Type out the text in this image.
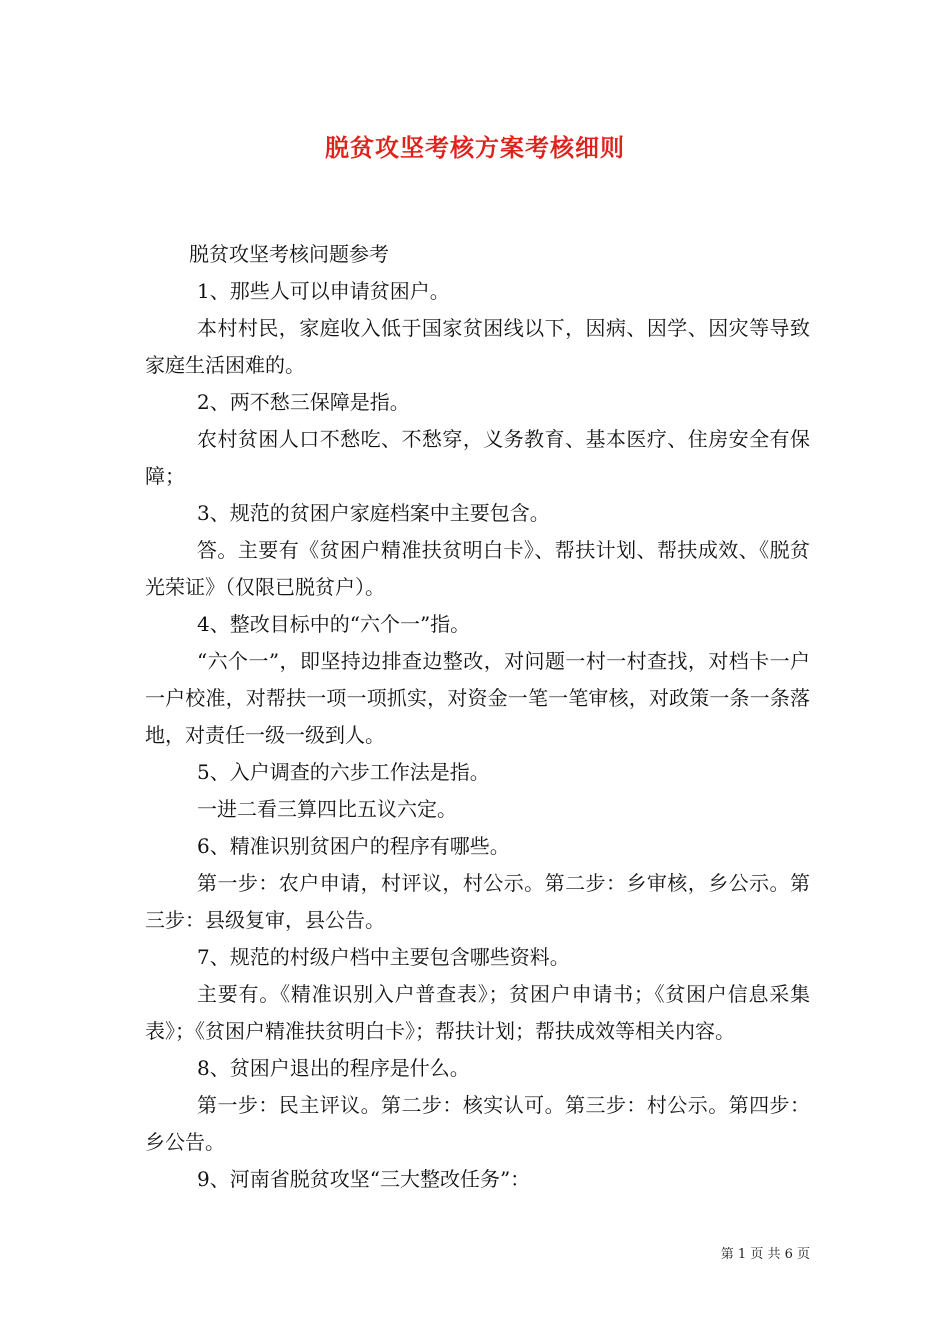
脱贫攻坚考核方案考核细则

脱贫攻坚考核问题参考

1、那些人可以申请贫困户。

本村村民，家庭收入低于国家贫困线以下，因病、因学、因灾等导致家庭生活困难的。

2、两不愁三保障是指。

农村贫困人口不愁吃、不愁穿，义务教育、基本医疗、住房安全有保障；

3、规范的贫困户家庭档案中主要包含。

答。主要有《贫困户精准扶贫明白卡》、帮扶计划、帮扶成效、《脱贫光荣证》（仅限已脱贫户）。

4、整改目标中的“六个一”指。

“六个一”，即坚持边排查边整改，对问题一村一村查找，对档卡一户一户校准，对帮扶一项一项抓实，对资金一笔一笔审核，对政策一条一条落地，对责任一级一级到人。

5、入户调查的六步工作法是指。

一进二看三算四比五议六定。

6、精准识别贫困户的程序有哪些。

第一步：农户申请，村评议，村公示。第二步：乡审核，乡公示。第三步：县级复审，县公告。

7、规范的村级户档中主要包含哪些资料。

主要有。《精准识别入户普查表》；贫困户申请书；《贫困户信息采集表》；《贫困户精准扶贫明白卡》；帮扶计划；帮扶成效等相关内容。

8、贫困户退出的程序是什么。

第一步：民主评议。第二步：核实认可。第三步：村公示。第四步：乡公告。

9、河南省脱贫攻坚“三大整改任务”：

第 1 页 共 6 页
